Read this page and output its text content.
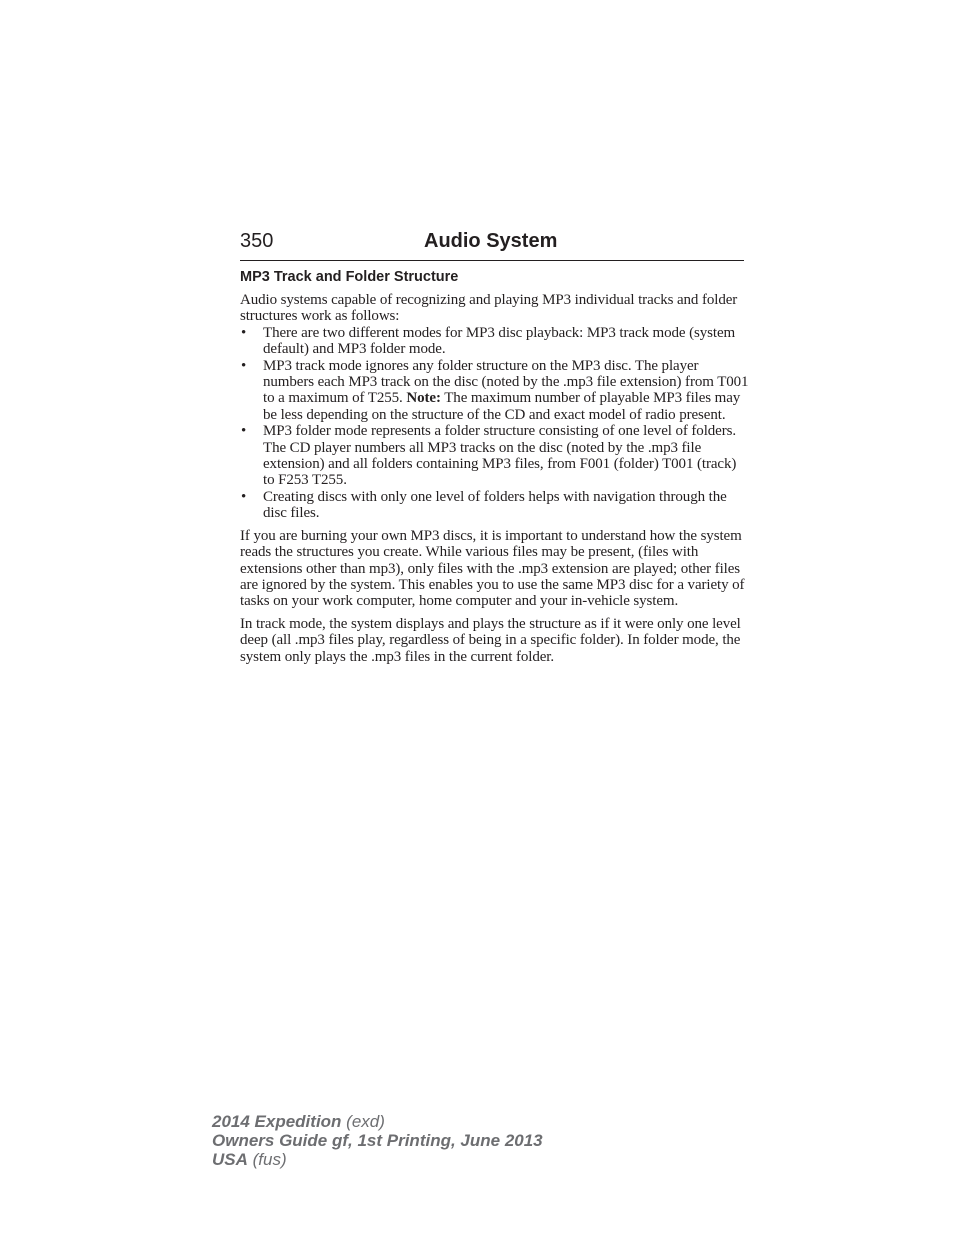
350	Audio System
MP3 Track and Folder Structure

Audio systems capable of recognizing and playing MP3 individual tracks and folder structures work as follows:

• There are two different modes for MP3 disc playback: MP3 track mode (system default) and MP3 folder mode.
• MP3 track mode ignores any folder structure on the MP3 disc. The player numbers each MP3 track on the disc (noted by the .mp3 file extension) from T001 to a maximum of T255. Note: The maximum number of playable MP3 files may be less depending on the structure of the CD and exact model of radio present.
• MP3 folder mode represents a folder structure consisting of one level of folders. The CD player numbers all MP3 tracks on the disc (noted by the .mp3 file extension) and all folders containing MP3 files, from F001 (folder) T001 (track) to F253 T255.
• Creating discs with only one level of folders helps with navigation through the disc files.

If you are burning your own MP3 discs, it is important to understand how the system reads the structures you create. While various files may be present, (files with extensions other than mp3), only files with the .mp3 extension are played; other files are ignored by the system. This enables you to use the same MP3 disc for a variety of tasks on your work computer, home computer and your in-vehicle system.

In track mode, the system displays and plays the structure as if it were only one level deep (all .mp3 files play, regardless of being in a specific folder). In folder mode, the system only plays the .mp3 files in the current folder.

2014 Expedition (exd)
Owners Guide gf, 1st Printing, June 2013
USA (fus)
